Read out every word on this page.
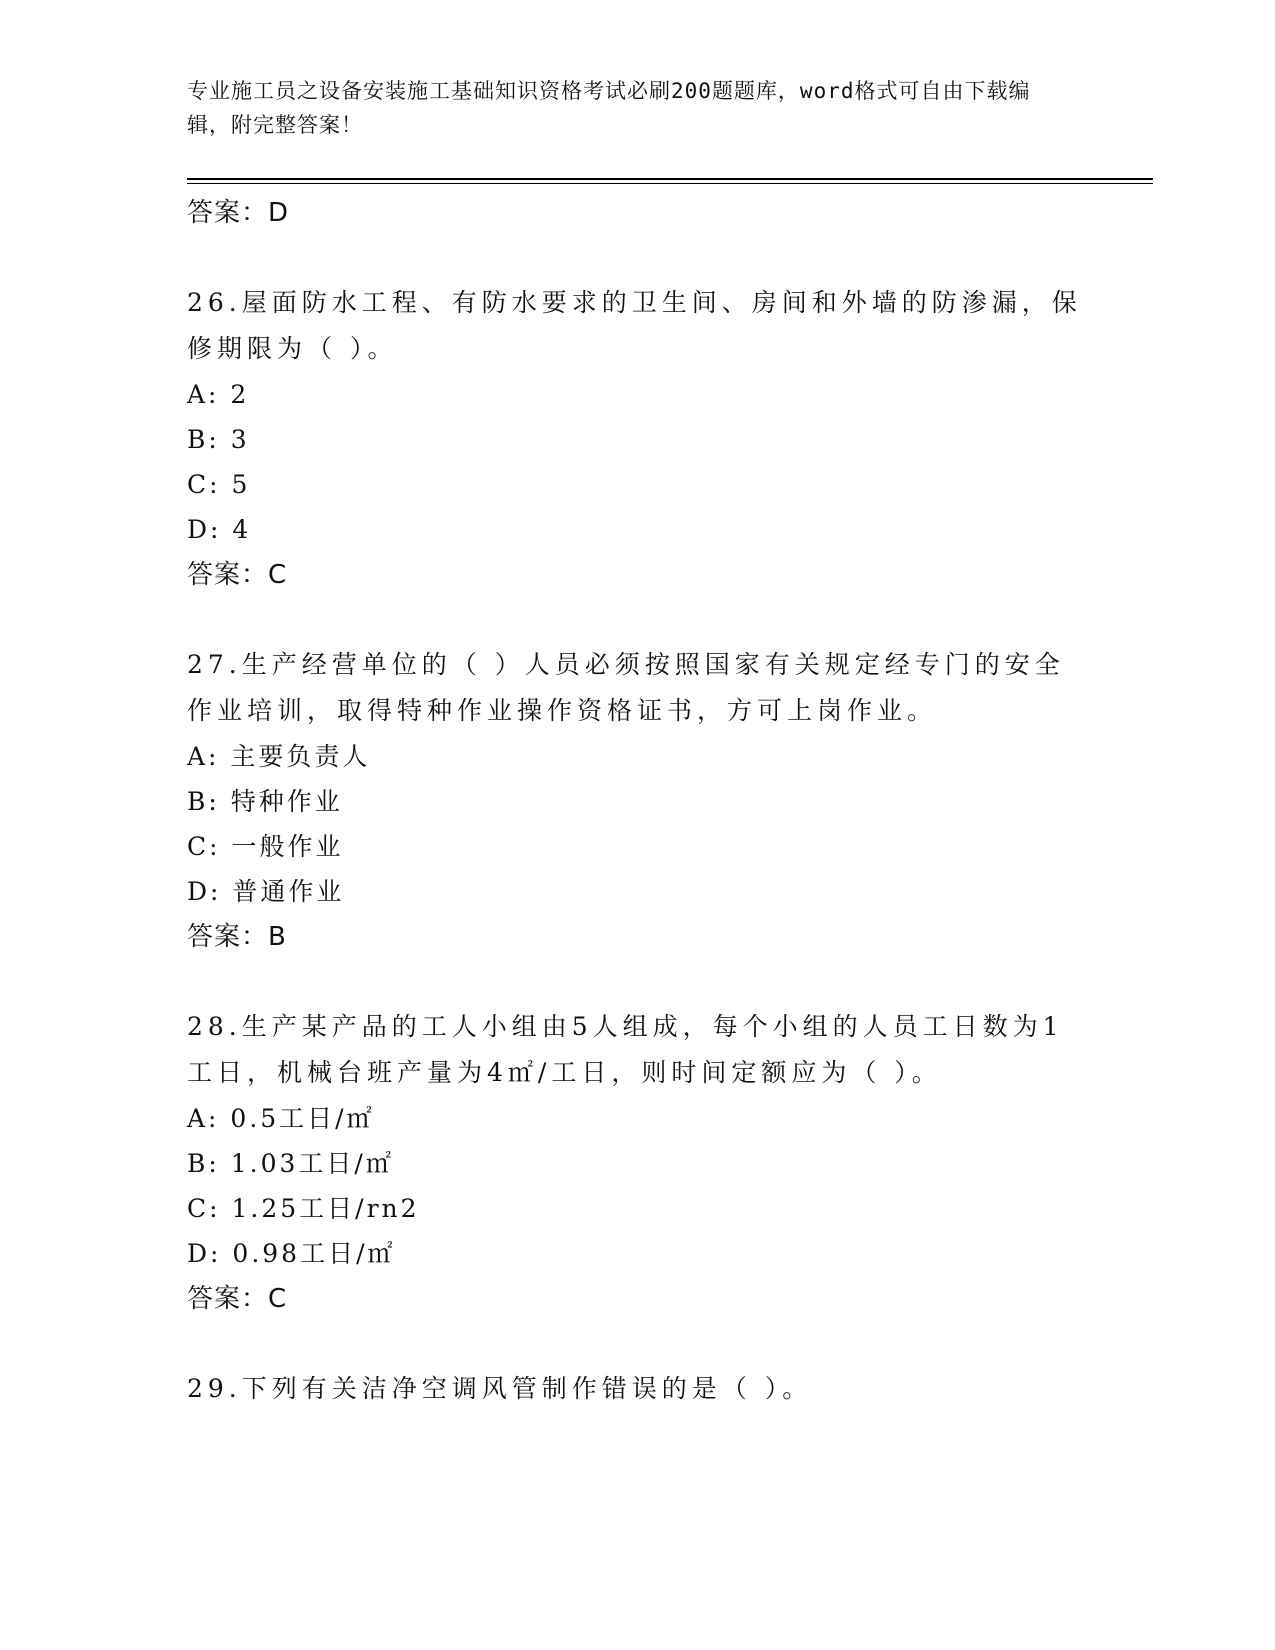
专业施工员之设备安装施工基础知识资格考试必刷200题题库，word格式可自由下载编辑，附完整答案！
答案：D
26.屋面防水工程、有防水要求的卫生间、房间和外墙的防渗漏，保修期限为（ ）。
A: 2
B: 3
C: 5
D: 4
答案：C
27.生产经营单位的（ ）人员必须按照国家有关规定经专门的安全作业培训，取得特种作业操作资格证书，方可上岗作业。
A: 主要负责人
B: 特种作业
C: 一般作业
D: 普通作业
答案：B
28.生产某产品的工人小组由5人组成，每个小组的人员工日数为1工日，机械台班产量为4㎡/工日，则时间定额应为（ ）。
A: 0.5工日/㎡
B: 1.03工日/㎡
C: 1.25工日/rn2
D: 0.98工日/㎡
答案：C
29.下列有关洁净空调风管制作错误的是（ ）。
